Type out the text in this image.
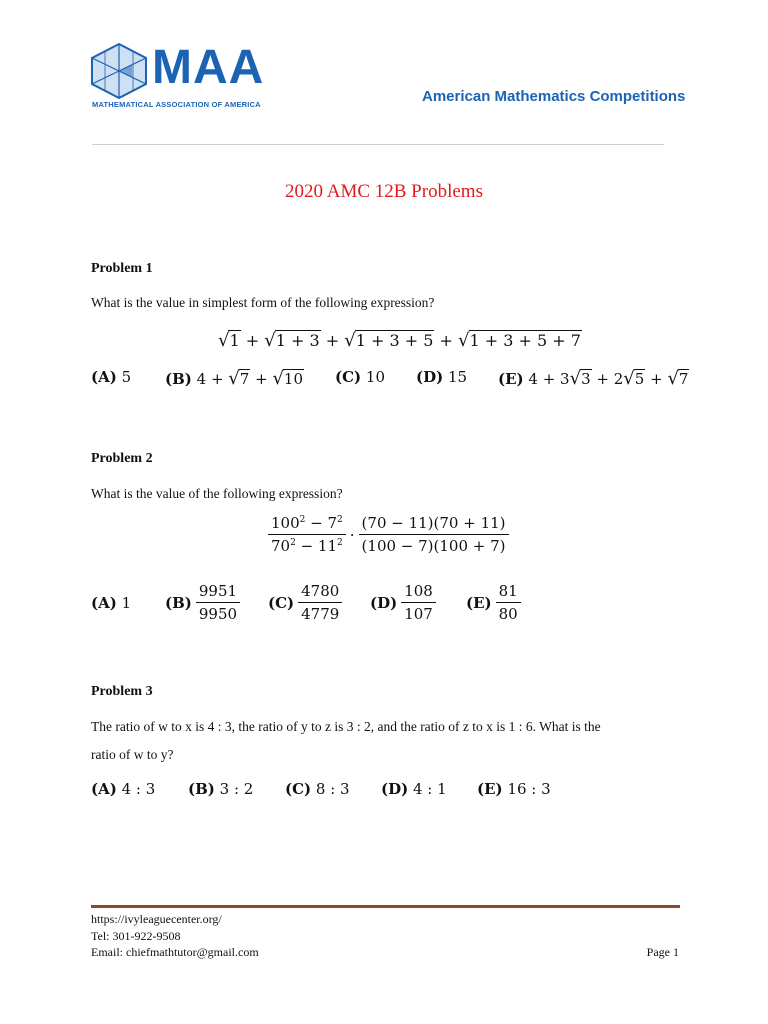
MAA
MATHEMATICAL ASSOCIATION OF AMERICA	American Mathematics Competitions
2020 AMC 12B Problems
Problem 1
What is the value in simplest form of the following expression?
√1 + √1 + 3 + √1 + 3 + 5 + √1 + 3 + 5 + 7
(A) 5 (B) 4 + √7 + √10 (C) 10 (D) 15 (E) 4 + 3√3 + 2√5 + √7
Problem 2
What is the value of the following expression?
$\frac{100^2 - 7^2}{70^2 - 11^2} \cdot \frac{(70 - 11)(70 + 11)}{(100 - 7)(100 + 7)}$
(A) 1 $(B) \frac{9951}{9950} (C) \frac{4780}{4779} (D) \frac{108}{107} (E) \frac{81}{80}$
Problem 3
The ratio of w to x is 4 : 3, the ratio of y to z is 3 : 2, and the ratio of z to x is 1 : 6. What is the
ratio of w to y?
(A) 4 : 3 (B) 3 : 2 (C) 8 : 3 (D) 4 : 1 (E) 16 : 3
https://ivyleaguecenter.org/
Tel: 301-922-9508
Email: chiefmathtutor@gmail.com	Page 1
